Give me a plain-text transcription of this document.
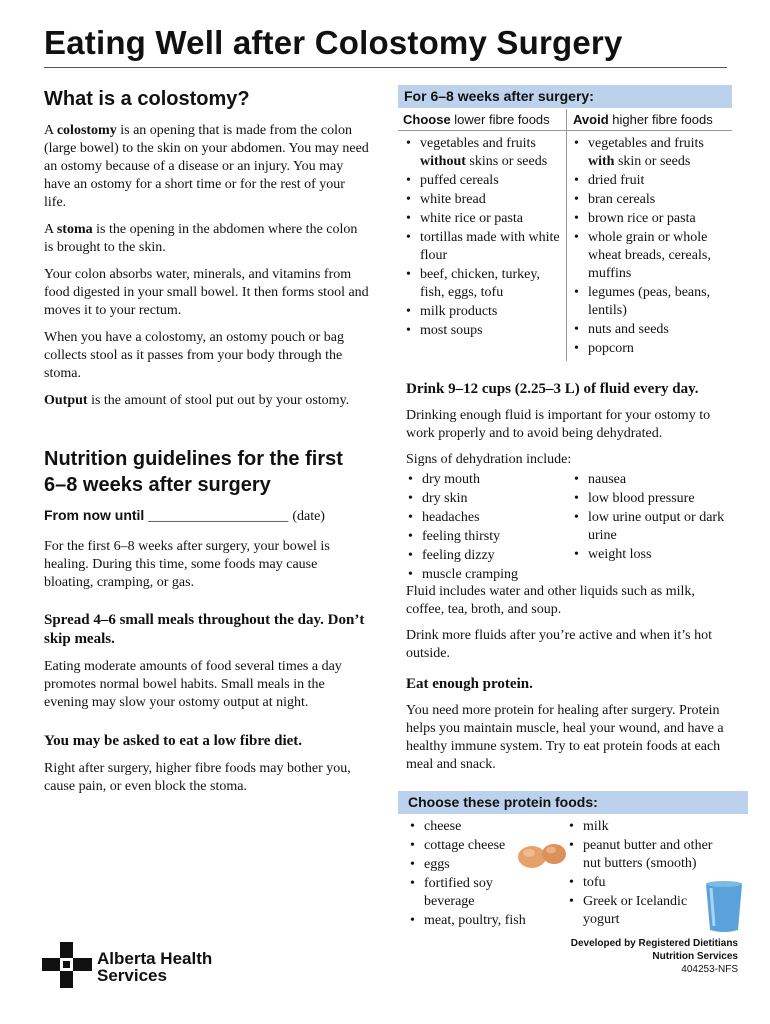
Eating Well after Colostomy Surgery
What is a colostomy?

A colostomy is an opening that is made from the colon (large bowel) to the skin on your abdomen. You may need an ostomy because of a disease or an injury. You may have an ostomy for a short time or for the rest of your life.

A stoma is the opening in the abdomen where the colon is brought to the skin.

Your colon absorbs water, minerals, and vitamins from food digested in your small bowel. It then forms stool and moves it to your rectum.

When you have a colostomy, an ostomy pouch or bag collects stool as it passes from your body through the stoma.

Output is the amount of stool put out by your ostomy.

Nutrition guidelines for the first 6–8 weeks after surgery
From now until ____________________ (date)

For the first 6–8 weeks after surgery, your bowel is healing. During this time, some foods may cause bloating, cramping, or gas.

Spread 4–6 small meals throughout the day. Don’t skip meals.

Eating moderate amounts of food several times a day promotes normal bowel habits. Small meals in the evening may slow your ostomy output at night.

You may be asked to eat a low fibre diet.

Right after surgery, higher fibre foods may bother you, cause pain, or even block the stoma.

For 6–8 weeks after surgery:
Choose lower fibre foods Avoid higher fibre foods
• vegetables and fruits without skins or seeds
• puffed cereals
• white bread
• white rice or pasta
• tortillas made with white flour
• beef, chicken, turkey, fish, eggs, tofu
• milk products
• most soups
• vegetables and fruits with skin or seeds
• dried fruit
• bran cereals
• brown rice or pasta
• whole grain or whole wheat breads, cereals, muffins
• legumes (peas, beans, lentils)
• nuts and seeds
• popcorn
Drink 9–12 cups (2.25–3 L) of fluid every day.

Drinking enough fluid is important for your ostomy to work properly and to avoid being dehydrated.

Signs of dehydration include:

• dry mouth
• dry skin
• headaches
• feeling thirsty
• feeling dizzy
• muscle cramping
• nausea
• low blood pressure
• low urine output or dark urine
• weight loss

Fluid includes water and other liquids such as milk, coffee, tea, broth, and soup.

Drink more fluids after you’re active and when it’s hot outside.

Eat enough protein.

You need more protein for healing after surgery. Protein helps you maintain muscle, heal your wound, and have a healthy immune system. Try to eat protein foods at each meal and snack.

Choose these protein foods:
• cheese
• cottage cheese
• eggs
• fortified soy beverage
• meat, poultry, fish
• milk
• peanut butter and other nut butters (smooth)
• tofu
• Greek or Icelandic yogurt
Alberta Health
Services
Developed by Registered Dietitians
Nutrition Services
404253-NFS
